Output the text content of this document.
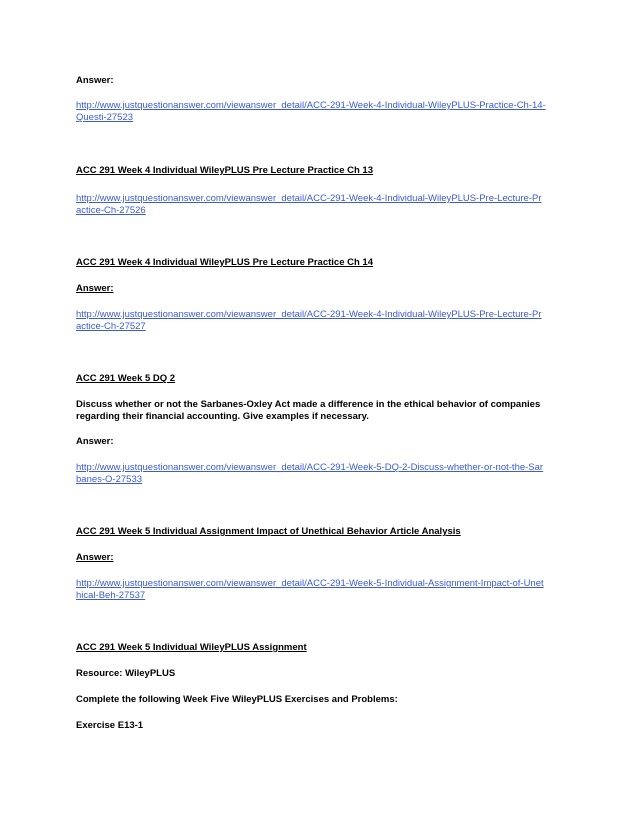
Answer:

http://www.justquestionanswer.com/viewanswer_detail/ACC-291-Week-4-Individual-WileyPLUS-Practice-Ch-14-Questi-27523

ACC 291 Week 4 Individual WileyPLUS Pre Lecture Practice Ch 13

http://www.justquestionanswer.com/viewanswer_detail/ACC-291-Week-4-Individual-WileyPLUS-Pre-Lecture-Practice-Ch-27526

ACC 291 Week 4 Individual WileyPLUS Pre Lecture Practice Ch 14

Answer:

http://www.justquestionanswer.com/viewanswer_detail/ACC-291-Week-4-Individual-WileyPLUS-Pre-Lecture-Practice-Ch-27527

ACC 291 Week 5 DQ 2

Discuss whether or not the Sarbanes-Oxley Act made a difference in the ethical behavior of companies regarding their financial accounting. Give examples if necessary.

Answer:

http://www.justquestionanswer.com/viewanswer_detail/ACC-291-Week-5-DQ-2-Discuss-whether-or-not-the-Sarbanes-O-27533

ACC 291 Week 5 Individual Assignment Impact of Unethical Behavior Article Analysis

Answer:

http://www.justquestionanswer.com/viewanswer_detail/ACC-291-Week-5-Individual-Assignment-Impact-of-Unethical-Beh-27537

ACC 291 Week 5 Individual WileyPLUS Assignment

Resource: WileyPLUS

Complete the following Week Five WileyPLUS Exercises and Problems:

Exercise E13-1
